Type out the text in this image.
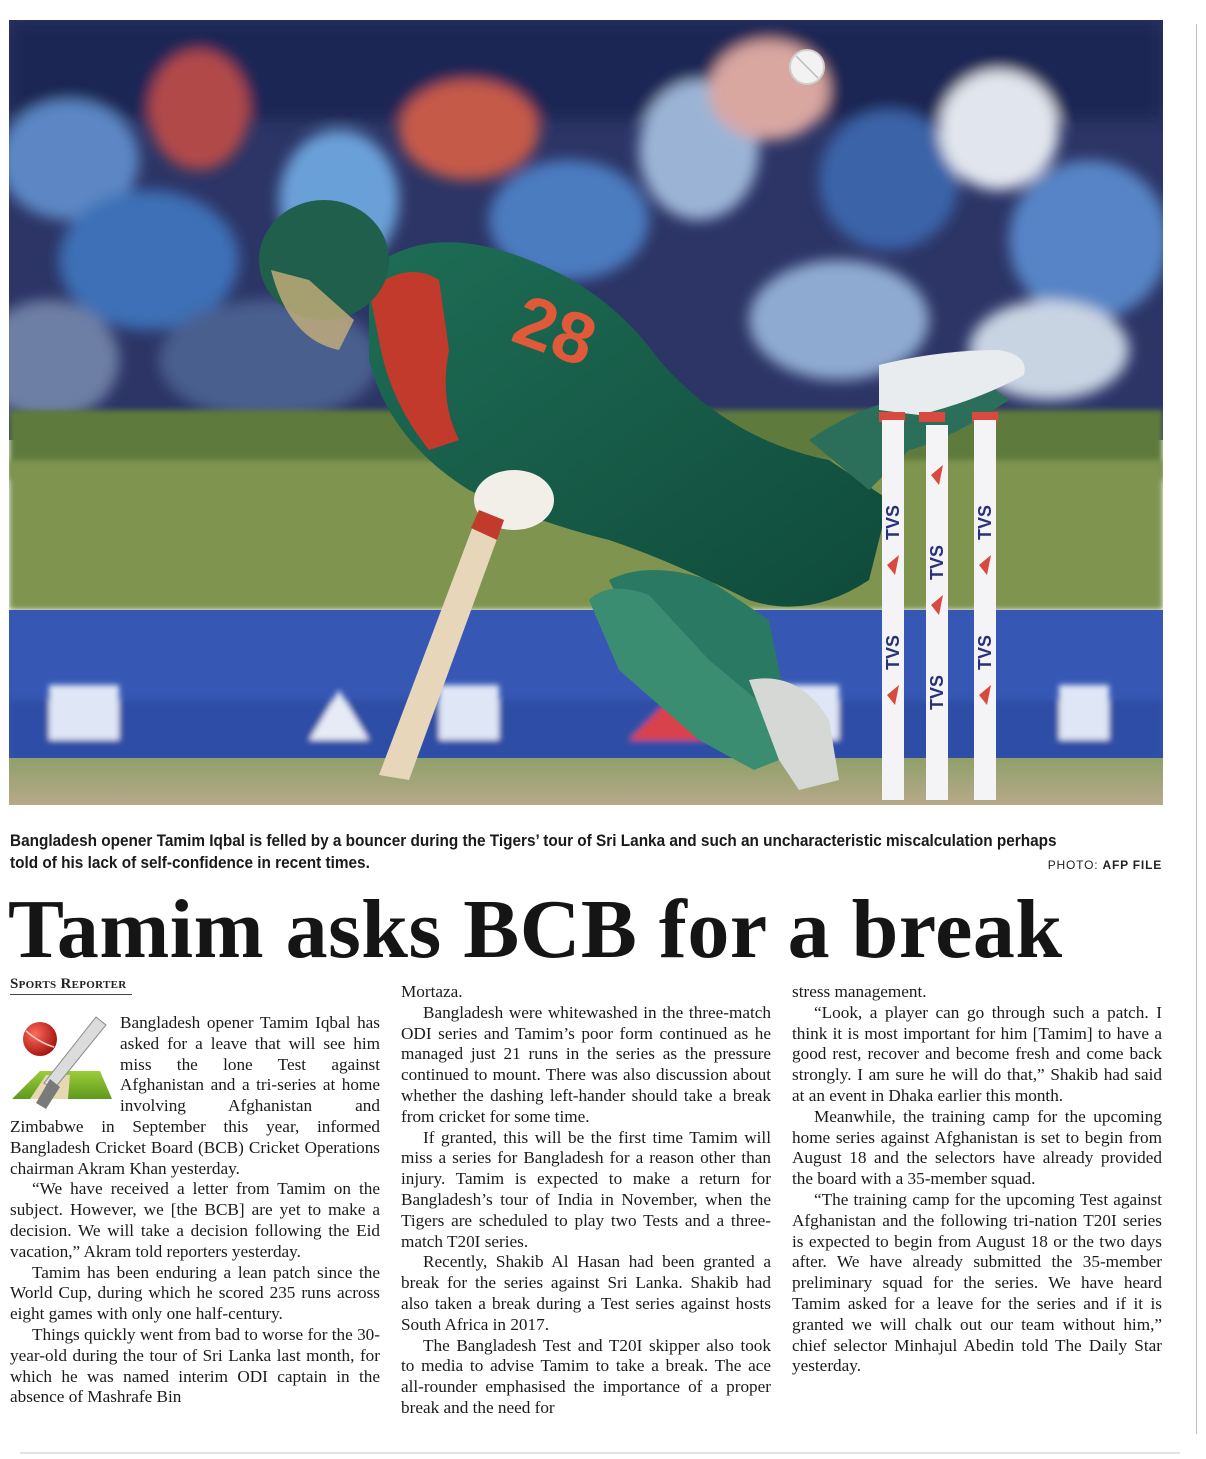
28
TVS
TVS
TVS
TVS
TVS
TVS
Bangladesh opener Tamim Iqbal is felled by a bouncer during the Tigers’ tour of Sri Lanka and such an uncharacteristic miscalculation perhaps told of his lack of self-confidence in recent times.	PHOTO: AFP FILE
Tamim asks BCB for a break
Sports Reporter

Bangladesh opener Tamim Iqbal has asked for a leave that will see him miss the lone Test against Afghanistan and a tri-series at home involving Afghanistan and Zimbabwe in September this year, informed Bangladesh Cricket Board (BCB) Cricket Operations chairman Akram Khan yesterday.

“We have received a letter from Tamim on the subject. However, we [the BCB] are yet to make a decision. We will take a decision following the Eid vacation,” Akram told reporters yesterday.

Tamim has been enduring a lean patch since the World Cup, during which he scored 235 runs across eight games with only one half-century.

Things quickly went from bad to worse for the 30-year-old during the tour of Sri Lanka last month, for which he was named interim ODI captain in the absence of Mashrafe Bin

Mortaza.

Bangladesh were whitewashed in the three-match ODI series and Tamim’s poor form continued as he managed just 21 runs in the series as the pressure continued to mount. There was also discussion about whether the dashing left-hander should take a break from cricket for some time.

If granted, this will be the first time Tamim will miss a series for Bangladesh for a reason other than injury. Tamim is expected to make a return for Bangladesh’s tour of India in November, when the Tigers are scheduled to play two Tests and a three-match T20I series.

Recently, Shakib Al Hasan had been granted a break for the series against Sri Lanka. Shakib had also taken a break during a Test series against hosts South Africa in 2017.

The Bangladesh Test and T20I skipper also took to media to advise Tamim to take a break. The ace all-rounder emphasised the importance of a proper break and the need for

stress management.

“Look, a player can go through such a patch. I think it is most important for him [Tamim] to have a good rest, recover and become fresh and come back strongly. I am sure he will do that,” Shakib had said at an event in Dhaka earlier this month.

Meanwhile, the training camp for the upcoming home series against Afghanistan is set to begin from August 18 and the selectors have already provided the board with a 35-member squad.

“The training camp for the upcoming Test against Afghanistan and the following tri-nation T20I series is expected to begin from August 18 or the two days after. We have already submitted the 35-member preliminary squad for the series. We have heard Tamim asked for a leave for the series and if it is granted we will chalk out our team without him,” chief selector Minhajul Abedin told The Daily Star yesterday.
